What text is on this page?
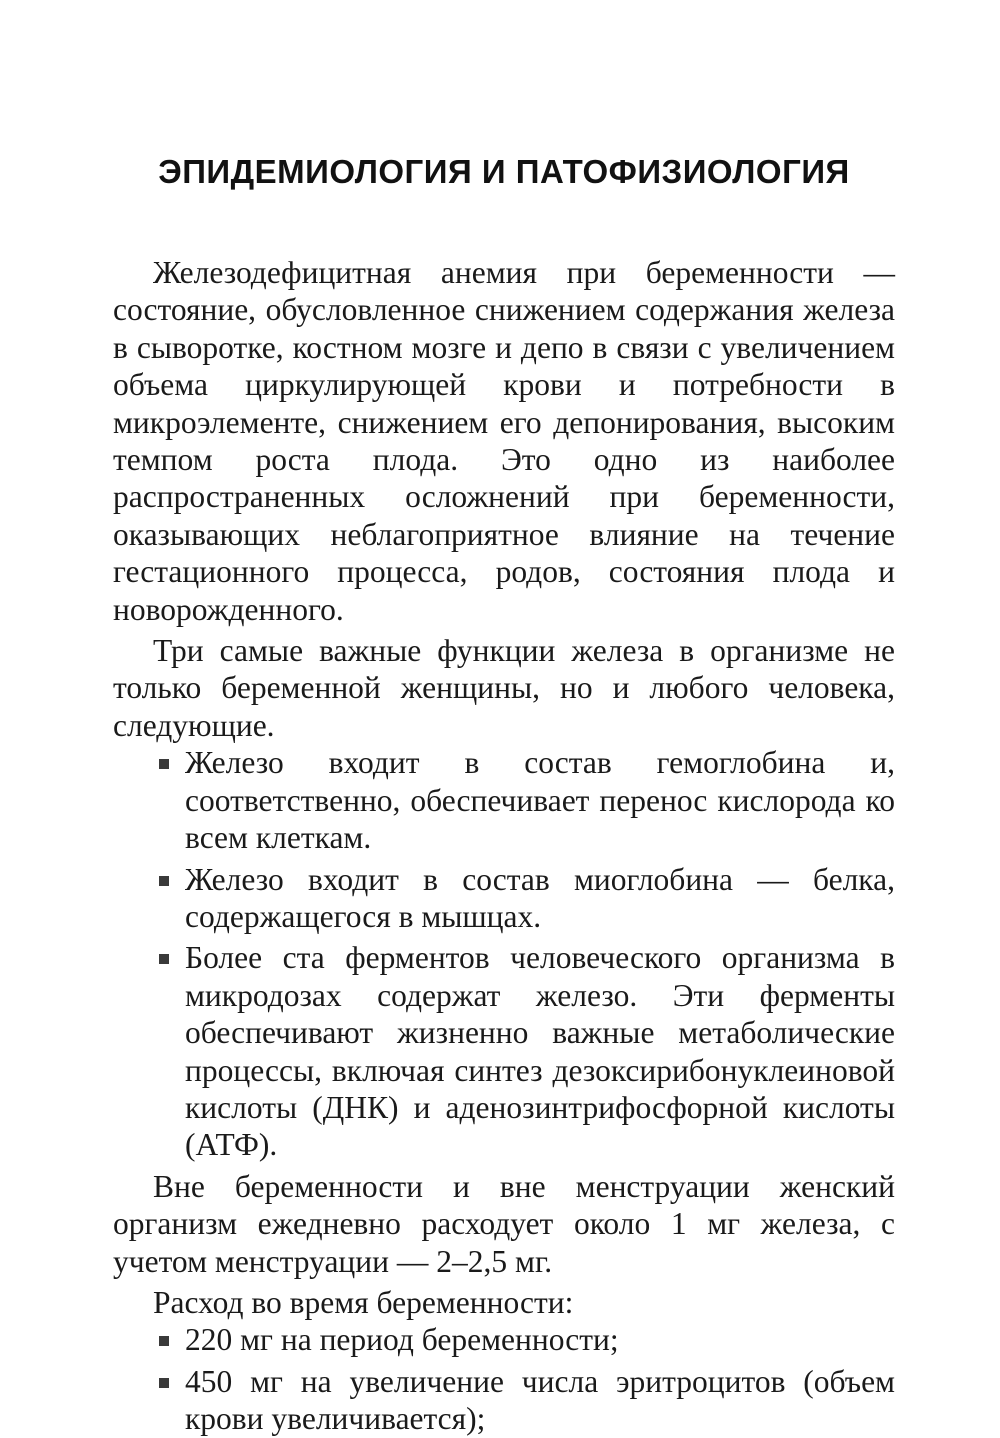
ЭПИДЕМИОЛОГИЯ И ПАТОФИЗИОЛОГИЯ

Железодефицитная анемия при беременности — состояние, обусловленное снижением содержания железа в сыворотке, костном мозге и депо в связи с увеличением объема циркулирующей крови и потребности в микроэлементе, снижением его депонирования, высоким темпом роста плода. Это одно из наиболее распространенных осложнений при беременности, оказывающих неблагоприятное влияние на течение гестационного процесса, родов, состояния плода и новорожденного.

Три самые важные функции железа в организме не только беременной женщины, но и любого человека, следующие.

Железо входит в состав гемоглобина и, соответственно, обеспечивает перенос кислорода ко всем клеткам.
Железо входит в состав миоглобина — белка, содержащегося в мышцах.
Более ста ферментов человеческого организма в микродозах содержат железо. Эти ферменты обеспечивают жизненно важные метаболические процессы, включая синтез дезоксирибонуклеиновой кислоты (ДНК) и аденозинтрифосфорной кислоты (АТФ).

Вне беременности и вне менструации женский организм ежедневно расходует около 1 мг железа, с учетом менструации — 2–2,5 мг.

Расход во время беременности:

220 мг на период беременности;
450 мг на увеличение числа эритроцитов (объем крови увеличивается);
